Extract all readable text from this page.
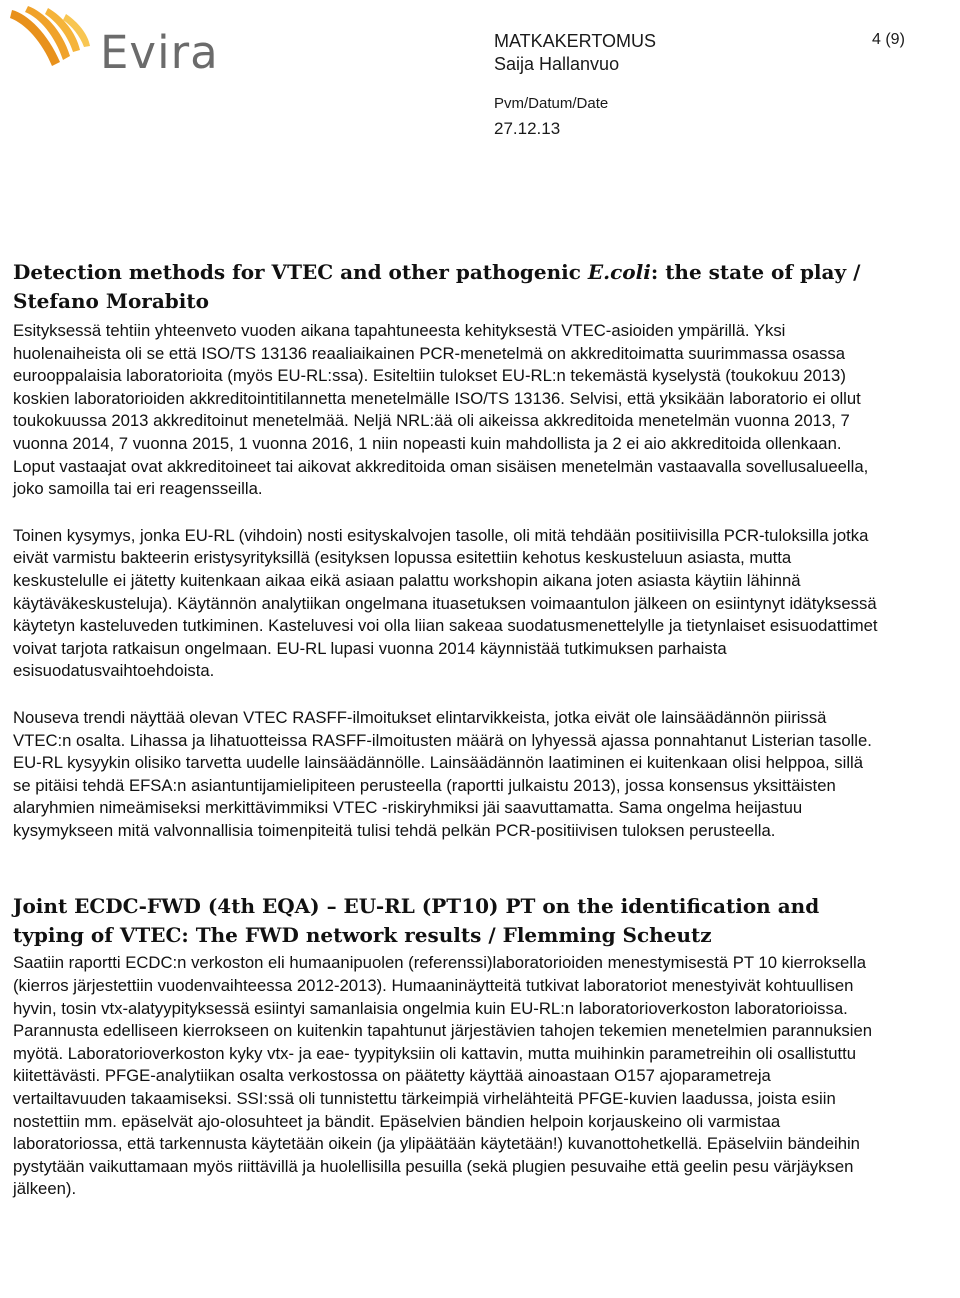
Evira	MATKAKERTOMUS
Saija Hallanvuo
4 (9)
Pvm/Datum/Date
27.12.13
Detection methods for VTEC and other pathogenic E.coli: the state of play / Stefano Morabito

Esityksessä tehtiin yhteenveto vuoden aikana tapahtuneesta kehityksestä VTEC-asioiden ympärillä. Yksi huolenaiheista oli se että ISO/TS 13136 reaaliaikainen PCR-menetelmä on akkreditoimatta suurimmassa osassa eurooppalaisia laboratorioita (myös EU-RL:ssa). Esiteltiin tulokset EU-RL:n tekemästä kyselystä (toukokuu 2013) koskien laboratorioiden akkreditointitilannetta menetelmälle ISO/TS 13136. Selvisi, että yksikään laboratorio ei ollut toukokuussa 2013 akkreditoinut menetelmää. Neljä NRL:ää oli aikeissa akkreditoida menetelmän vuonna 2013, 7 vuonna 2014, 7 vuonna 2015, 1 vuonna 2016, 1 niin nopeasti kuin mahdollista ja 2 ei aio akkreditoida ollenkaan. Loput vastaajat ovat akkreditoineet tai aikovat akkreditoida oman sisäisen menetelmän vastaavalla sovellusalueella, joko samoilla tai eri reagensseilla.

Toinen kysymys, jonka EU-RL (vihdoin) nosti esityskalvojen tasolle, oli mitä tehdään positiivisilla PCR-tuloksilla jotka eivät varmistu bakteerin eristysyrityksillä (esityksen lopussa esitettiin kehotus keskusteluun asiasta, mutta keskustelulle ei jätetty kuitenkaan aikaa eikä asiaan palattu workshopin aikana joten asiasta käytiin lähinnä käytäväkeskusteluja). Käytännön analytiikan ongelmana ituasetuksen voimaantulon jälkeen on esiintynyt idätyksessä käytetyn kasteluveden tutkiminen. Kasteluvesi voi olla liian sakeaa suodatusmenettelylle ja tietynlaiset esisuodattimet voivat tarjota ratkaisun ongelmaan. EU-RL lupasi vuonna 2014 käynnistää tutkimuksen parhaista esisuodatusvaihtoehdoista.

Nouseva trendi näyttää olevan VTEC RASFF-ilmoitukset elintarvikkeista, jotka eivät ole lainsäädännön piirissä VTEC:n osalta. Lihassa ja lihatuotteissa RASFF-ilmoitusten määrä on lyhyessä ajassa ponnahtanut Listerian tasolle. EU-RL kysyykin olisiko tarvetta uudelle lainsäädännölle. Lainsäädännön laatiminen ei kuitenkaan olisi helppoa, sillä se pitäisi tehdä EFSA:n asiantuntijamielipiteen perusteella (raportti julkaistu 2013), jossa konsensus yksittäisten alaryhmien nimeämiseksi merkittävimmiksi VTEC -riskiryhmiksi jäi saavuttamatta. Sama ongelma heijastuu kysymykseen mitä valvonnallisia toimenpiteitä tulisi tehdä pelkän PCR-positiivisen tuloksen perusteella.

Joint ECDC-FWD (4th EQA) – EU-RL (PT10) PT on the identification and typing of VTEC: The FWD network results / Flemming Scheutz

Saatiin raportti ECDC:n verkoston eli humaanipuolen (referenssi)laboratorioiden menestymisestä PT 10 kierroksella (kierros järjestettiin vuodenvaihteessa 2012-2013). Humaaninäytteitä tutkivat laboratoriot menestyivät kohtuullisen hyvin, tosin vtx-alatyypityksessä esiintyi samanlaisia ongelmia kuin EU-RL:n laboratorioverkoston laboratorioissa. Parannusta edelliseen kierrokseen on kuitenkin tapahtunut järjestävien tahojen tekemien menetelmien parannuksien myötä. Laboratorioverkoston kyky vtx- ja eae- tyypityksiin oli kattavin, mutta muihinkin parametreihin oli osallistuttu kiitettävästi. PFGE-analytiikan osalta verkostossa on päätetty käyttää ainoastaan O157 ajoparametreja vertailtavuuden takaamiseksi. SSI:ssä oli tunnistettu tärkeimpiä virhelähteitä PFGE-kuvien laadussa, joista esiin nostettiin mm. epäselvät ajo-olosuhteet ja bändit. Epäselvien bändien helpoin korjauskeino oli varmistaa laboratoriossa, että tarkennusta käytetään oikein (ja ylipäätään käytetään!) kuvanottohetkellä. Epäselviin bändeihin pystytään vaikuttamaan myös riittävillä ja huolellisilla pesuilla (sekä plugien pesuvaihe että geelin pesu värjäyksen jälkeen).
